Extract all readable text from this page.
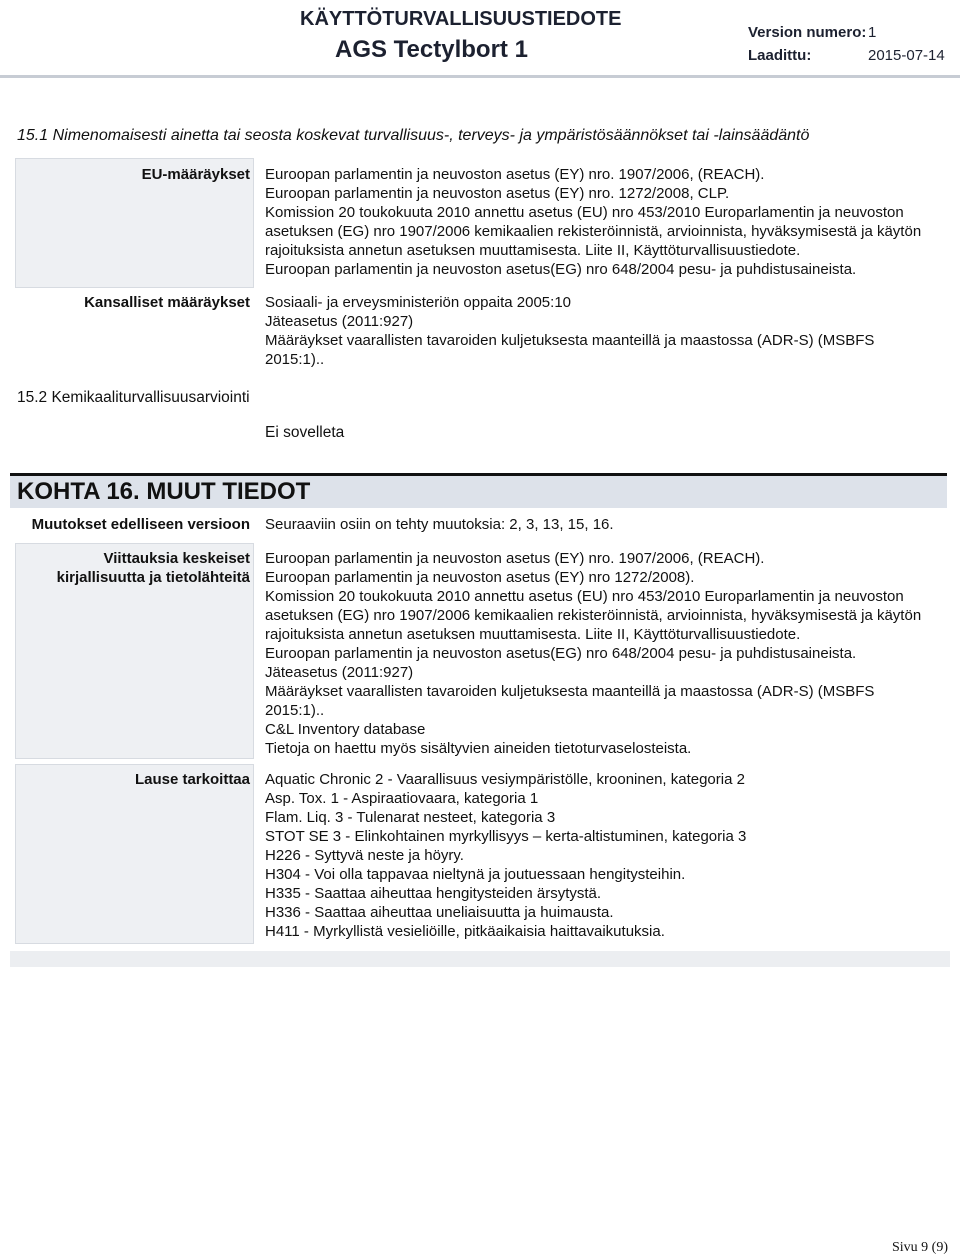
KÄYTTÖTURVALLISUUSTIEDOTE
AGS Tectylbort 1
Version numero: 1
Laadittu:	2015-07-14
15.1 Nimenomaisesti ainetta tai seosta koskevat turvallisuus-, terveys- ja ympäristösäännökset tai -lainsäädäntö
EU-määräykset Euroopan parlamentin ja neuvoston asetus (EY) nro. 1907/2006, (REACH).
Euroopan parlamentin ja neuvoston asetus (EY) nro. 1272/2008, CLP.
Komission 20 toukokuuta 2010 annettu asetus (EU) nro 453/2010 Europarlamentin ja neuvoston
asetuksen (EG) nro 1907/2006 kemikaalien rekisteröinnistä, arvioinnista, hyväksymisestä ja käytön
rajoituksista annetun asetuksen muuttamisesta. Liite II, Käyttöturvallisuustiedote.
Euroopan parlamentin ja neuvoston asetus(EG) nro 648/2004 pesu- ja puhdistusaineista.
Kansalliset määräykset Sosiaali- ja erveysministeriön oppaita 2005:10
Jäteasetus (2011:927)
Määräykset vaarallisten tavaroiden kuljetuksesta maanteillä ja maastossa (ADR-S) (MSBFS
2015:1)..
15.2 Kemikaaliturvallisuusarviointi
Ei sovelleta
KOHTA 16. MUUT TIEDOT
Muutokset edelliseen versioon Seuraaviin osiin on tehty muutoksia: 2, 3, 13, 15, 16.
Viittauksia keskeiset
kirjallisuutta ja tietolähteitä
Euroopan parlamentin ja neuvoston asetus (EY) nro. 1907/2006, (REACH).
Euroopan parlamentin ja neuvoston asetus (EY) nro 1272/2008).
Komission 20 toukokuuta 2010 annettu asetus (EU) nro 453/2010 Europarlamentin ja neuvoston
asetuksen (EG) nro 1907/2006 kemikaalien rekisteröinnistä, arvioinnista, hyväksymisestä ja käytön
rajoituksista annetun asetuksen muuttamisesta. Liite II, Käyttöturvallisuustiedote.
Euroopan parlamentin ja neuvoston asetus(EG) nro 648/2004 pesu- ja puhdistusaineista.
Jäteasetus (2011:927)
Määräykset vaarallisten tavaroiden kuljetuksesta maanteillä ja maastossa (ADR-S) (MSBFS
2015:1)..
C&L Inventory database
Tietoja on haettu myös sisältyvien aineiden tietoturvaselosteista.
Lause tarkoittaa Aquatic Chronic 2 - Vaarallisuus vesiympäristölle, krooninen, kategoria 2
Asp. Tox. 1 - Aspiraatiovaara, kategoria 1
Flam. Liq. 3 - Tulenarat nesteet, kategoria 3
STOT SE 3 - Elinkohtainen myrkyllisyys – kerta-altistuminen, kategoria 3
H226 - Syttyvä neste ja höyry.
H304 - Voi olla tappavaa nieltynä ja joutuessaan hengitysteihin.
H335 - Saattaa aiheuttaa hengitysteiden ärsytystä.
H336 - Saattaa aiheuttaa uneliaisuutta ja huimausta.
H411 - Myrkyllistä vesieliöille, pitkäaikaisia haittavaikutuksia.
Sivu 9 (9)
